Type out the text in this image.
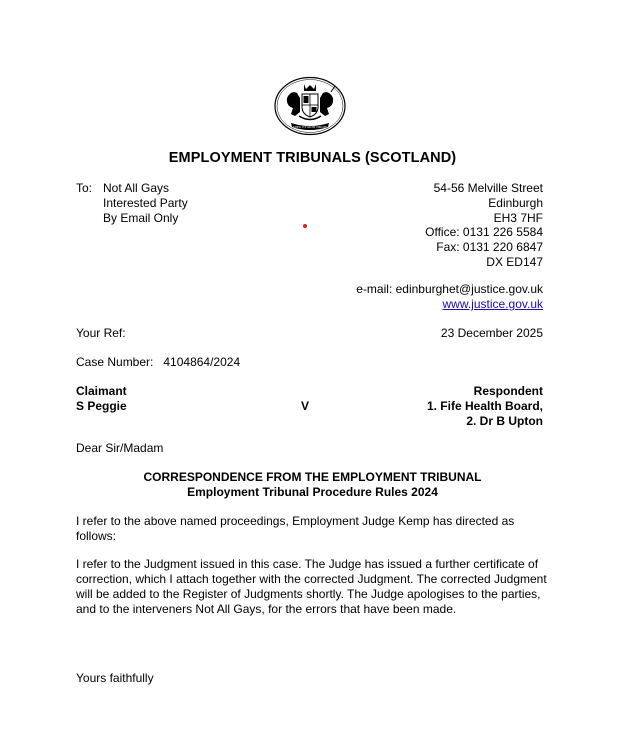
DIEU ET MON DROIT
EMPLOYMENT TRIBUNALS (SCOTLAND)
To: Not All Gays
Interested Party
By Email Only
54-56 Melville Street
Edinburgh
EH3 7HF
Office: 0131 226 5584
Fax: 0131 220 6847
DX ED147
e-mail: edinburghet@justice.gov.uk
www.justice.gov.uk
Your Ref:	23 December 2025
Case Number: 4104864/2024
Claimant
S Peggie	V
Respondent
1. Fife Health Board,
2. Dr B Upton
Dear Sir/Madam
CORRESPONDENCE FROM THE EMPLOYMENT TRIBUNAL
Employment Tribunal Procedure Rules 2024
I refer to the above named proceedings, Employment Judge Kemp has directed as follows:
I refer to the Judgment issued in this case. The Judge has issued a further certificate of correction, which I attach together with the corrected Judgment. The corrected Judgment will be added to the Register of Judgments shortly. The Judge apologises to the parties, and to the interveners Not All Gays, for the errors that have been made.
Yours faithfully
